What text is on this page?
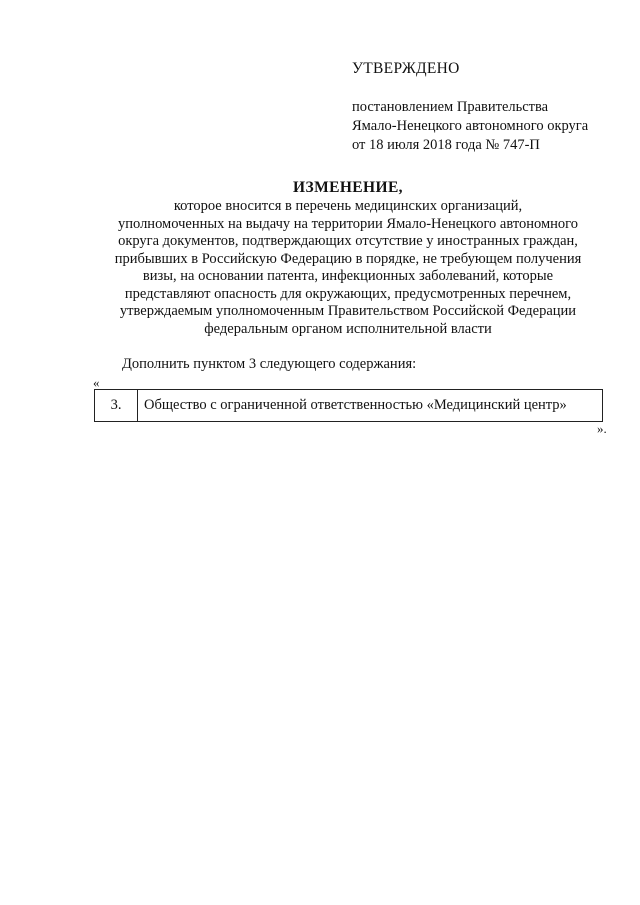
УТВЕРЖДЕНО

постановлением Правительства
Ямало-Ненецкого автономного округа
от 18 июля 2018 года № 747-П
ИЗМЕНЕНИЕ,
которое вносится в перечень медицинских организаций,
уполномоченных на выдачу на территории Ямало-Ненецкого автономного
округа документов, подтверждающих отсутствие у иностранных граждан,
прибывших в Российскую Федерацию в порядке, не требующем получения
визы, на основании патента, инфекционных заболеваний, которые
представляют опасность для окружающих, предусмотренных перечнем,
утверждаемым уполномоченным Правительством Российской Федерации
федеральным органом исполнительной власти
Дополнить пунктом 3 следующего содержания:
«
3.	Общество с ограниченной ответственностью «Медицинский центр»
».
